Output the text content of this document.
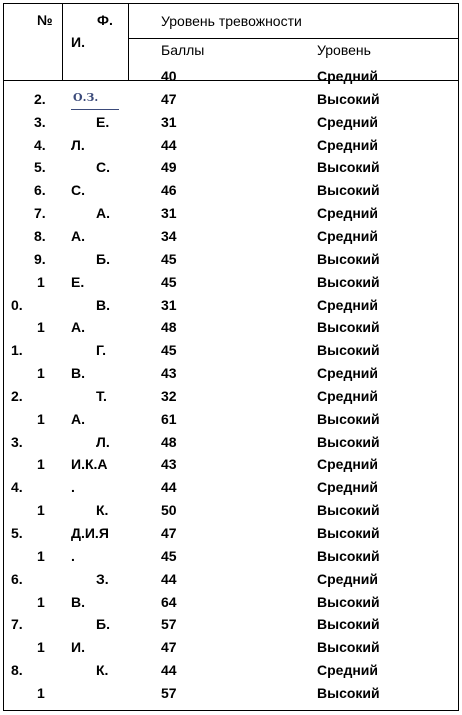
№	Ф.
И.
Уровень тревожности
Баллы	Уровень
40
47
31
44
49
46
31
34
45
45
31
48
45
43
32
61
48
43
44
50
47
45
44
64
57
47
44
57
Средний
Высокий
Средний
Средний
Высокий
Высокий
Средний
Средний
Высокий
Высокий
Средний
Высокий
Высокий
Средний
Средний
Высокий
Высокий
Средний
Средний
Высокий
Высокий
Высокий
Средний
Высокий
Высокий
Высокий
Средний
Высокий
2.
3.
4.
5.
6.
7.
8.
9.
1
0.
1
1.
1
2.
1
3.
1
4.
1
5.
1
6.
1
7.
1
8.
1
О.З.
Е.
Л.
С.
С.
А.
А.
Б.
Е.
В.
А.
Г.
В.
Т.
А.
Л.
И.К.А
.
К.
Д.И.Я
.
З.
В.
Б.
И.
К.
